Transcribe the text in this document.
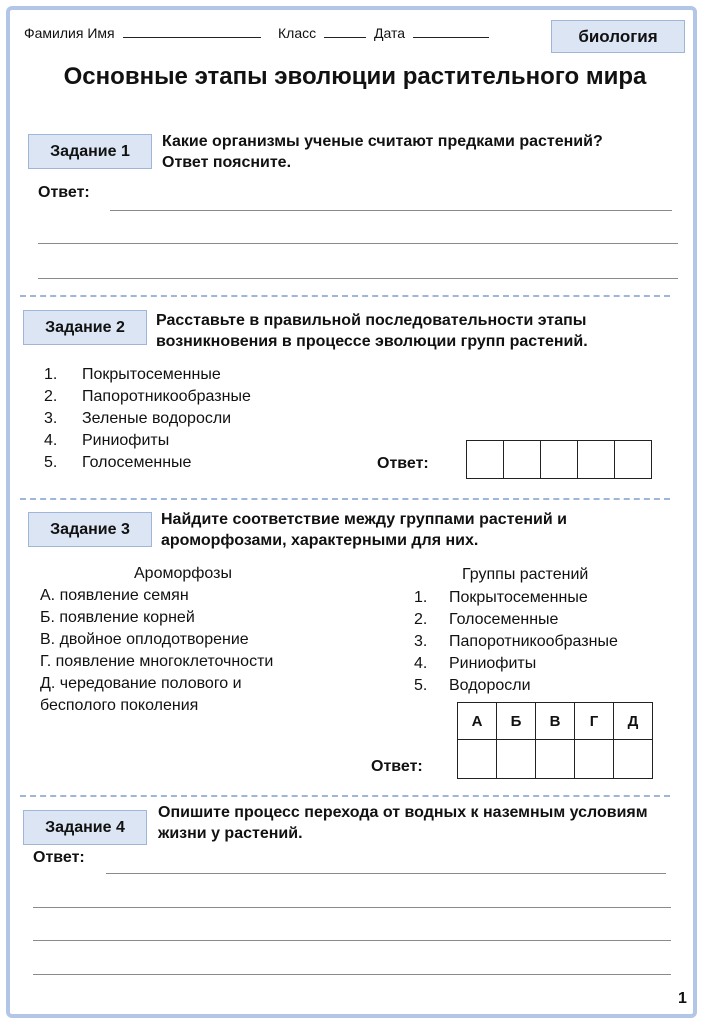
Фамилия Имя	Класс	Дата	биология
Основные этапы эволюции растительного мира
Задание 1
Какие организмы ученые считают предками растений? Ответ поясните.
Ответ:
Задание 2	Расставьте в правильной последовательности этапы возникновения в процессе эволюции групп растений.
1. Покрытосеменные
2. Папоротникообразные
3. Зеленые водоросли
4. Риниофиты
5. Голосеменные	Ответ:

Задание 3
Найдите соответствие между группами растений и ароморфозами, характерными для них.
Ароморфозы
А. появление семян
Б. появление корней
В. двойное оплодотворение
Г. появление многоклеточности
Д. чередование полового и бесполого поколения
Группы растений
1. Покрытосеменные
2. Голосеменные
3. Папоротникообразные
4. Риниофиты
5. Водоросли
Ответ:
А	Б	В	Г	Д

Задание 4
Опишите процесс перехода от водных к наземным условиям жизни у растений.
Ответ:
1
